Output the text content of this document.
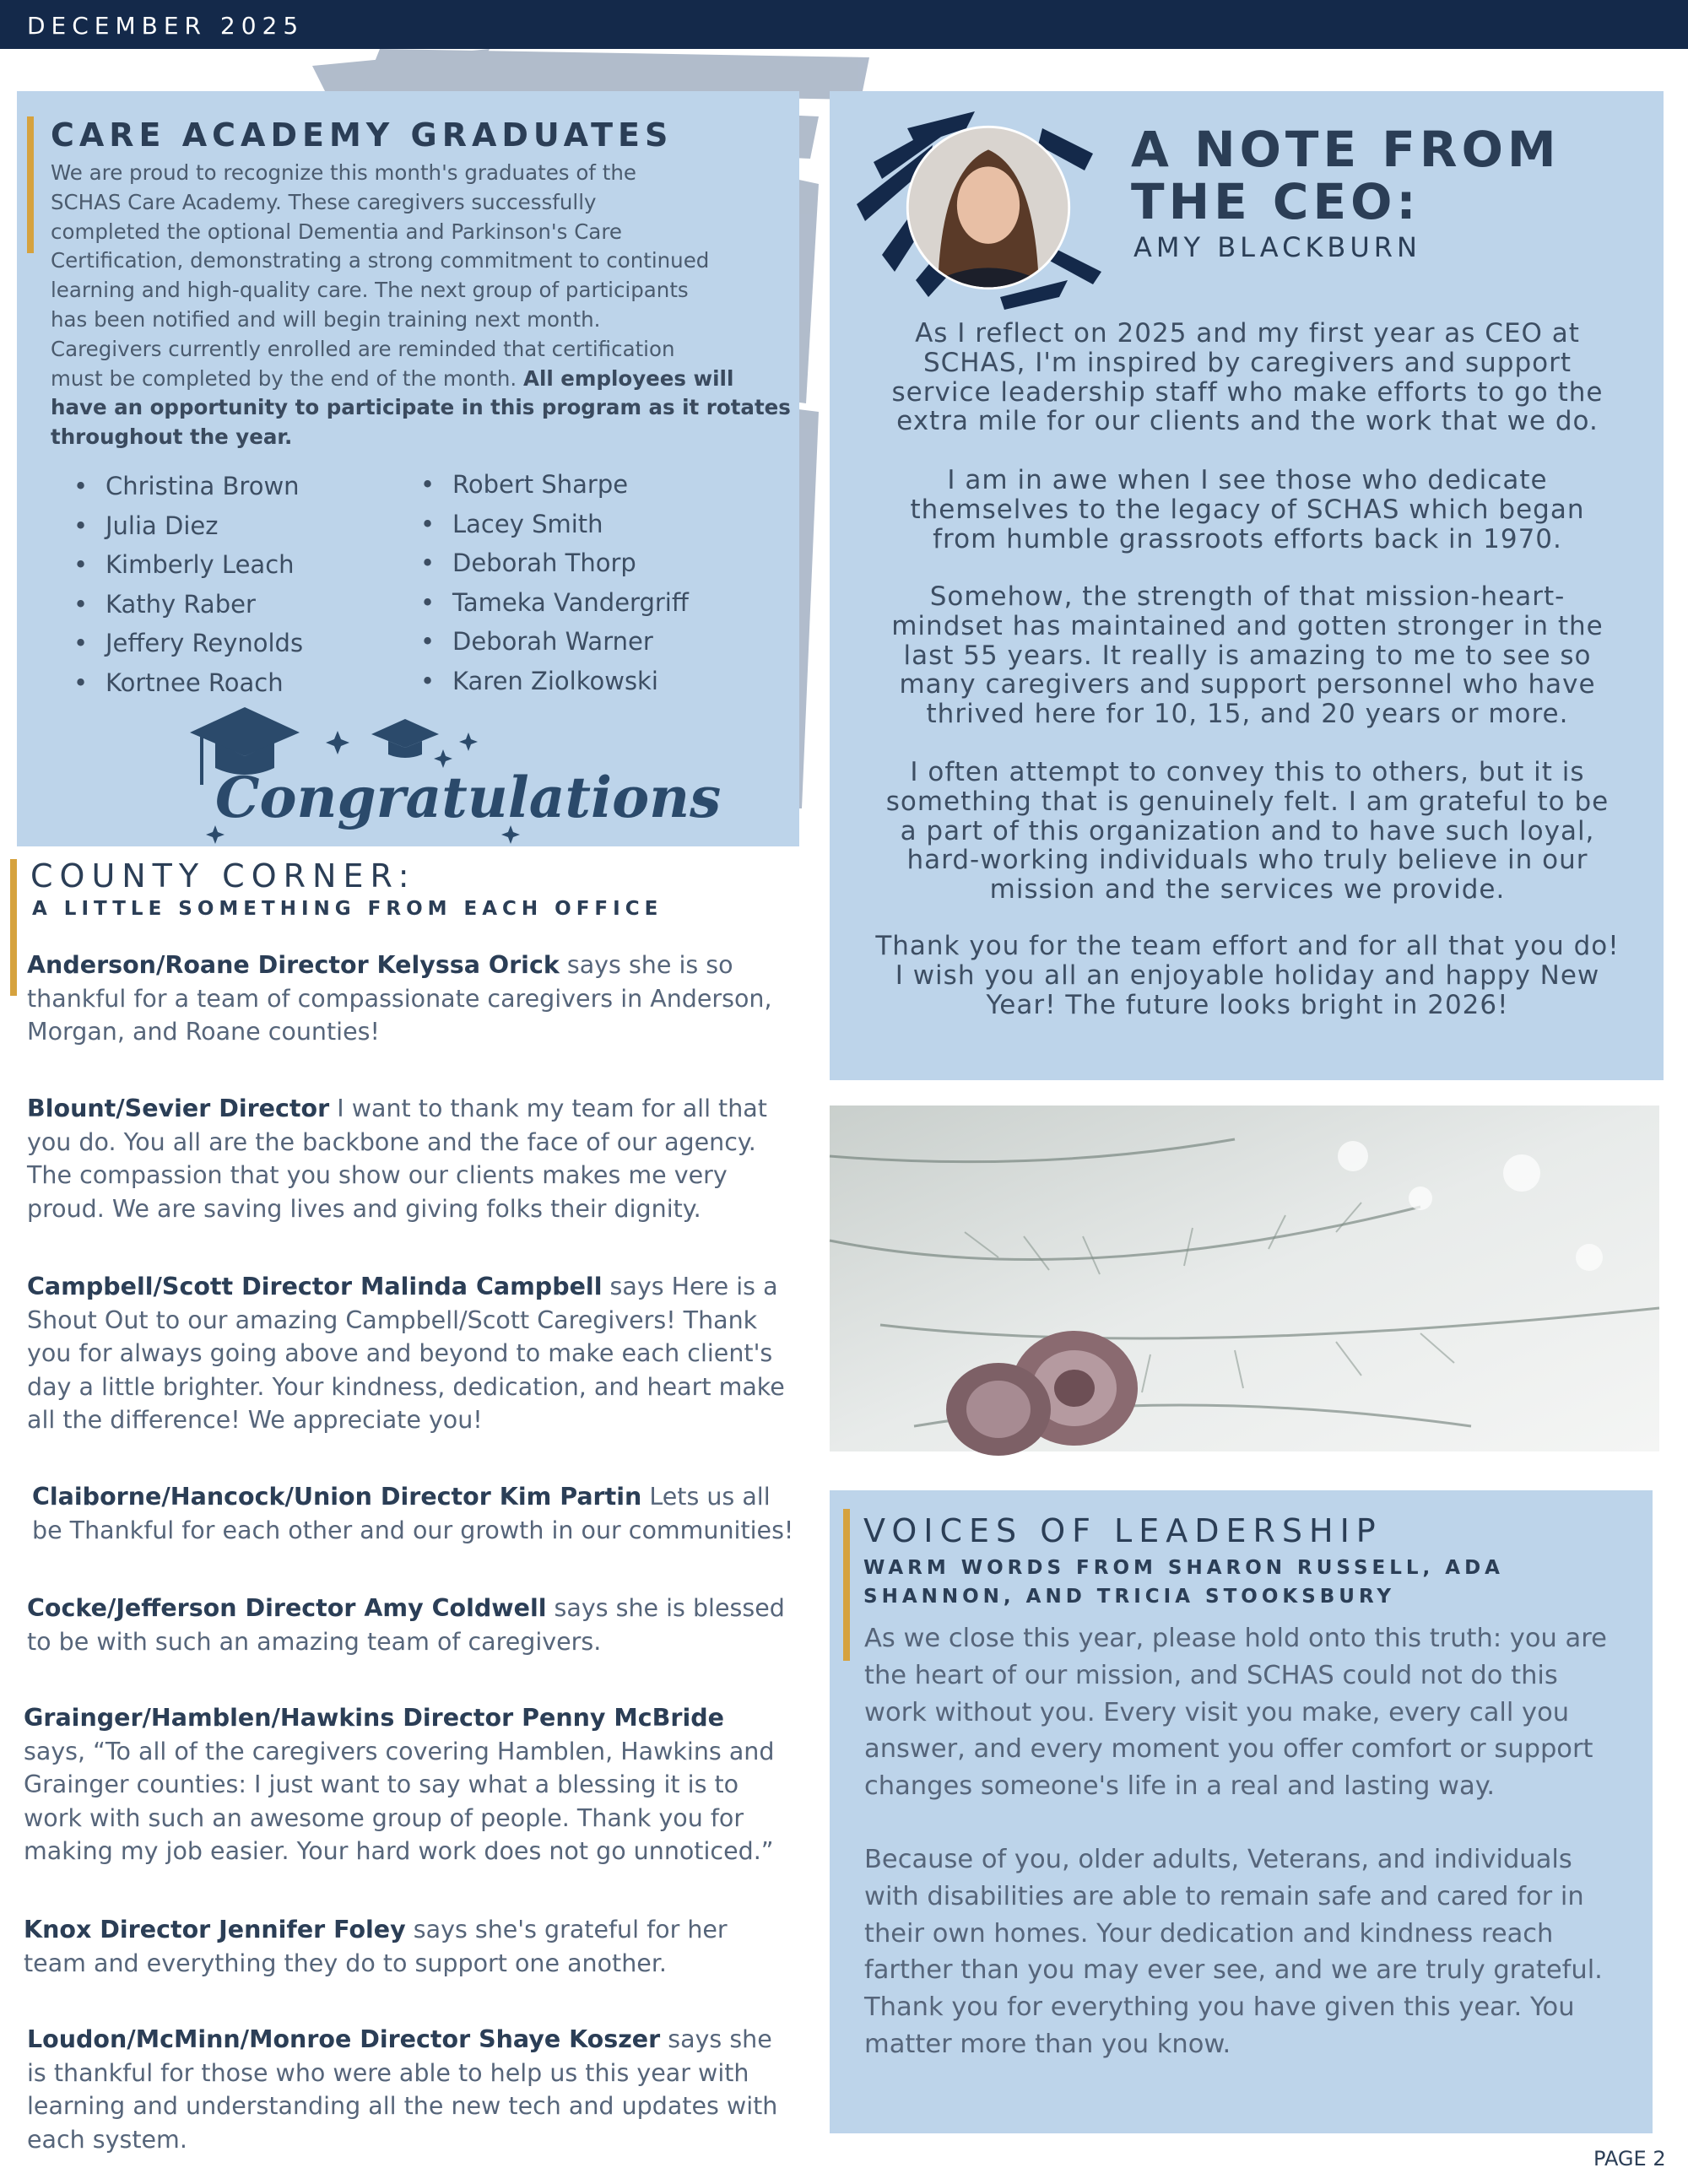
DECEMBER 2025
CARE ACADEMY GRADUATES
We are proud to recognize this month's graduates of the
SCHAS Care Academy. These caregivers successfully
completed the optional Dementia and Parkinson's Care
Certification, demonstrating a strong commitment to continued
learning and high-quality care. The next group of participants
has been notified and will begin training next month.
Caregivers currently enrolled are reminded that certification
must be completed by the end of the month. All employees will have an opportunity to participate in this program as it rotates throughout the year.
• Christina Brown
• Julia Diez
• Kimberly Leach
• Kathy Raber
• Jeffery Reynolds
• Kortnee Roach
• Robert Sharpe
• Lacey Smith
• Deborah Thorp
• Tameka Vandergriff
• Deborah Warner
• Karen Ziolkowski
Congratulations
COUNTY CORNER:
A LITTLE SOMETHING FROM EACH OFFICE
Anderson/Roane Director Kelyssa Orick says she is so thankful for a team of compassionate caregivers in Anderson, Morgan, and Roane counties!
Blount/Sevier Director I want to thank my team for all that you do. You all are the backbone and the face of our agency. The compassion that you show our clients makes me very proud. We are saving lives and giving folks their dignity.
Campbell/Scott Director Malinda Campbell says Here is a Shout Out to our amazing Campbell/Scott Caregivers! Thank you for always going above and beyond to make each client's day a little brighter. Your kindness, dedication, and heart make all the difference! We appreciate you!
Claiborne/Hancock/Union Director Kim Partin Lets us all be Thankful for each other and our growth in our communities!
Cocke/Jefferson Director Amy Coldwell says she is blessed to be with such an amazing team of caregivers.
Grainger/Hamblen/Hawkins Director Penny McBride says, “To all of the caregivers covering Hamblen, Hawkins and Grainger counties: I just want to say what a blessing it is to work with such an awesome group of people. Thank you for making my job easier. Your hard work does not go unnoticed.”
Knox Director Jennifer Foley says she's grateful for her team and everything they do to support one another.
Loudon/McMinn/Monroe Director Shaye Koszer says she is thankful for those who were able to help us this year with learning and understanding all the new tech and updates with each system.
A NOTE FROM
THE CEO:
AMY BLACKBURN
As I reflect on 2025 and my first year as CEO at
SCHAS, I'm inspired by caregivers and support
service leadership staff who make efforts to go the
extra mile for our clients and the work that we do.
I am in awe when I see those who dedicate
themselves to the legacy of SCHAS which began
from humble grassroots efforts back in 1970.
Somehow, the strength of that mission-heart-
mindset has maintained and gotten stronger in the
last 55 years. It really is amazing to me to see so
many caregivers and support personnel who have
thrived here for 10, 15, and 20 years or more.
I often attempt to convey this to others, but it is
something that is genuinely felt. I am grateful to be
a part of this organization and to have such loyal,
hard-working individuals who truly believe in our
mission and the services we provide.
Thank you for the team effort and for all that you do!
I wish you all an enjoyable holiday and happy New
Year! The future looks bright in 2026!
VOICES OF LEADERSHIP
WARM WORDS FROM SHARON RUSSELL, ADA
SHANNON, AND TRICIA STOOKSBURY
As we close this year, please hold onto this truth: you are
the heart of our mission, and SCHAS could not do this
work without you. Every visit you make, every call you
answer, and every moment you offer comfort or support
changes someone's life in a real and lasting way.
Because of you, older adults, Veterans, and individuals
with disabilities are able to remain safe and cared for in
their own homes. Your dedication and kindness reach
farther than you may ever see, and we are truly grateful.
Thank you for everything you have given this year. You
matter more than you know.
PAGE 2
